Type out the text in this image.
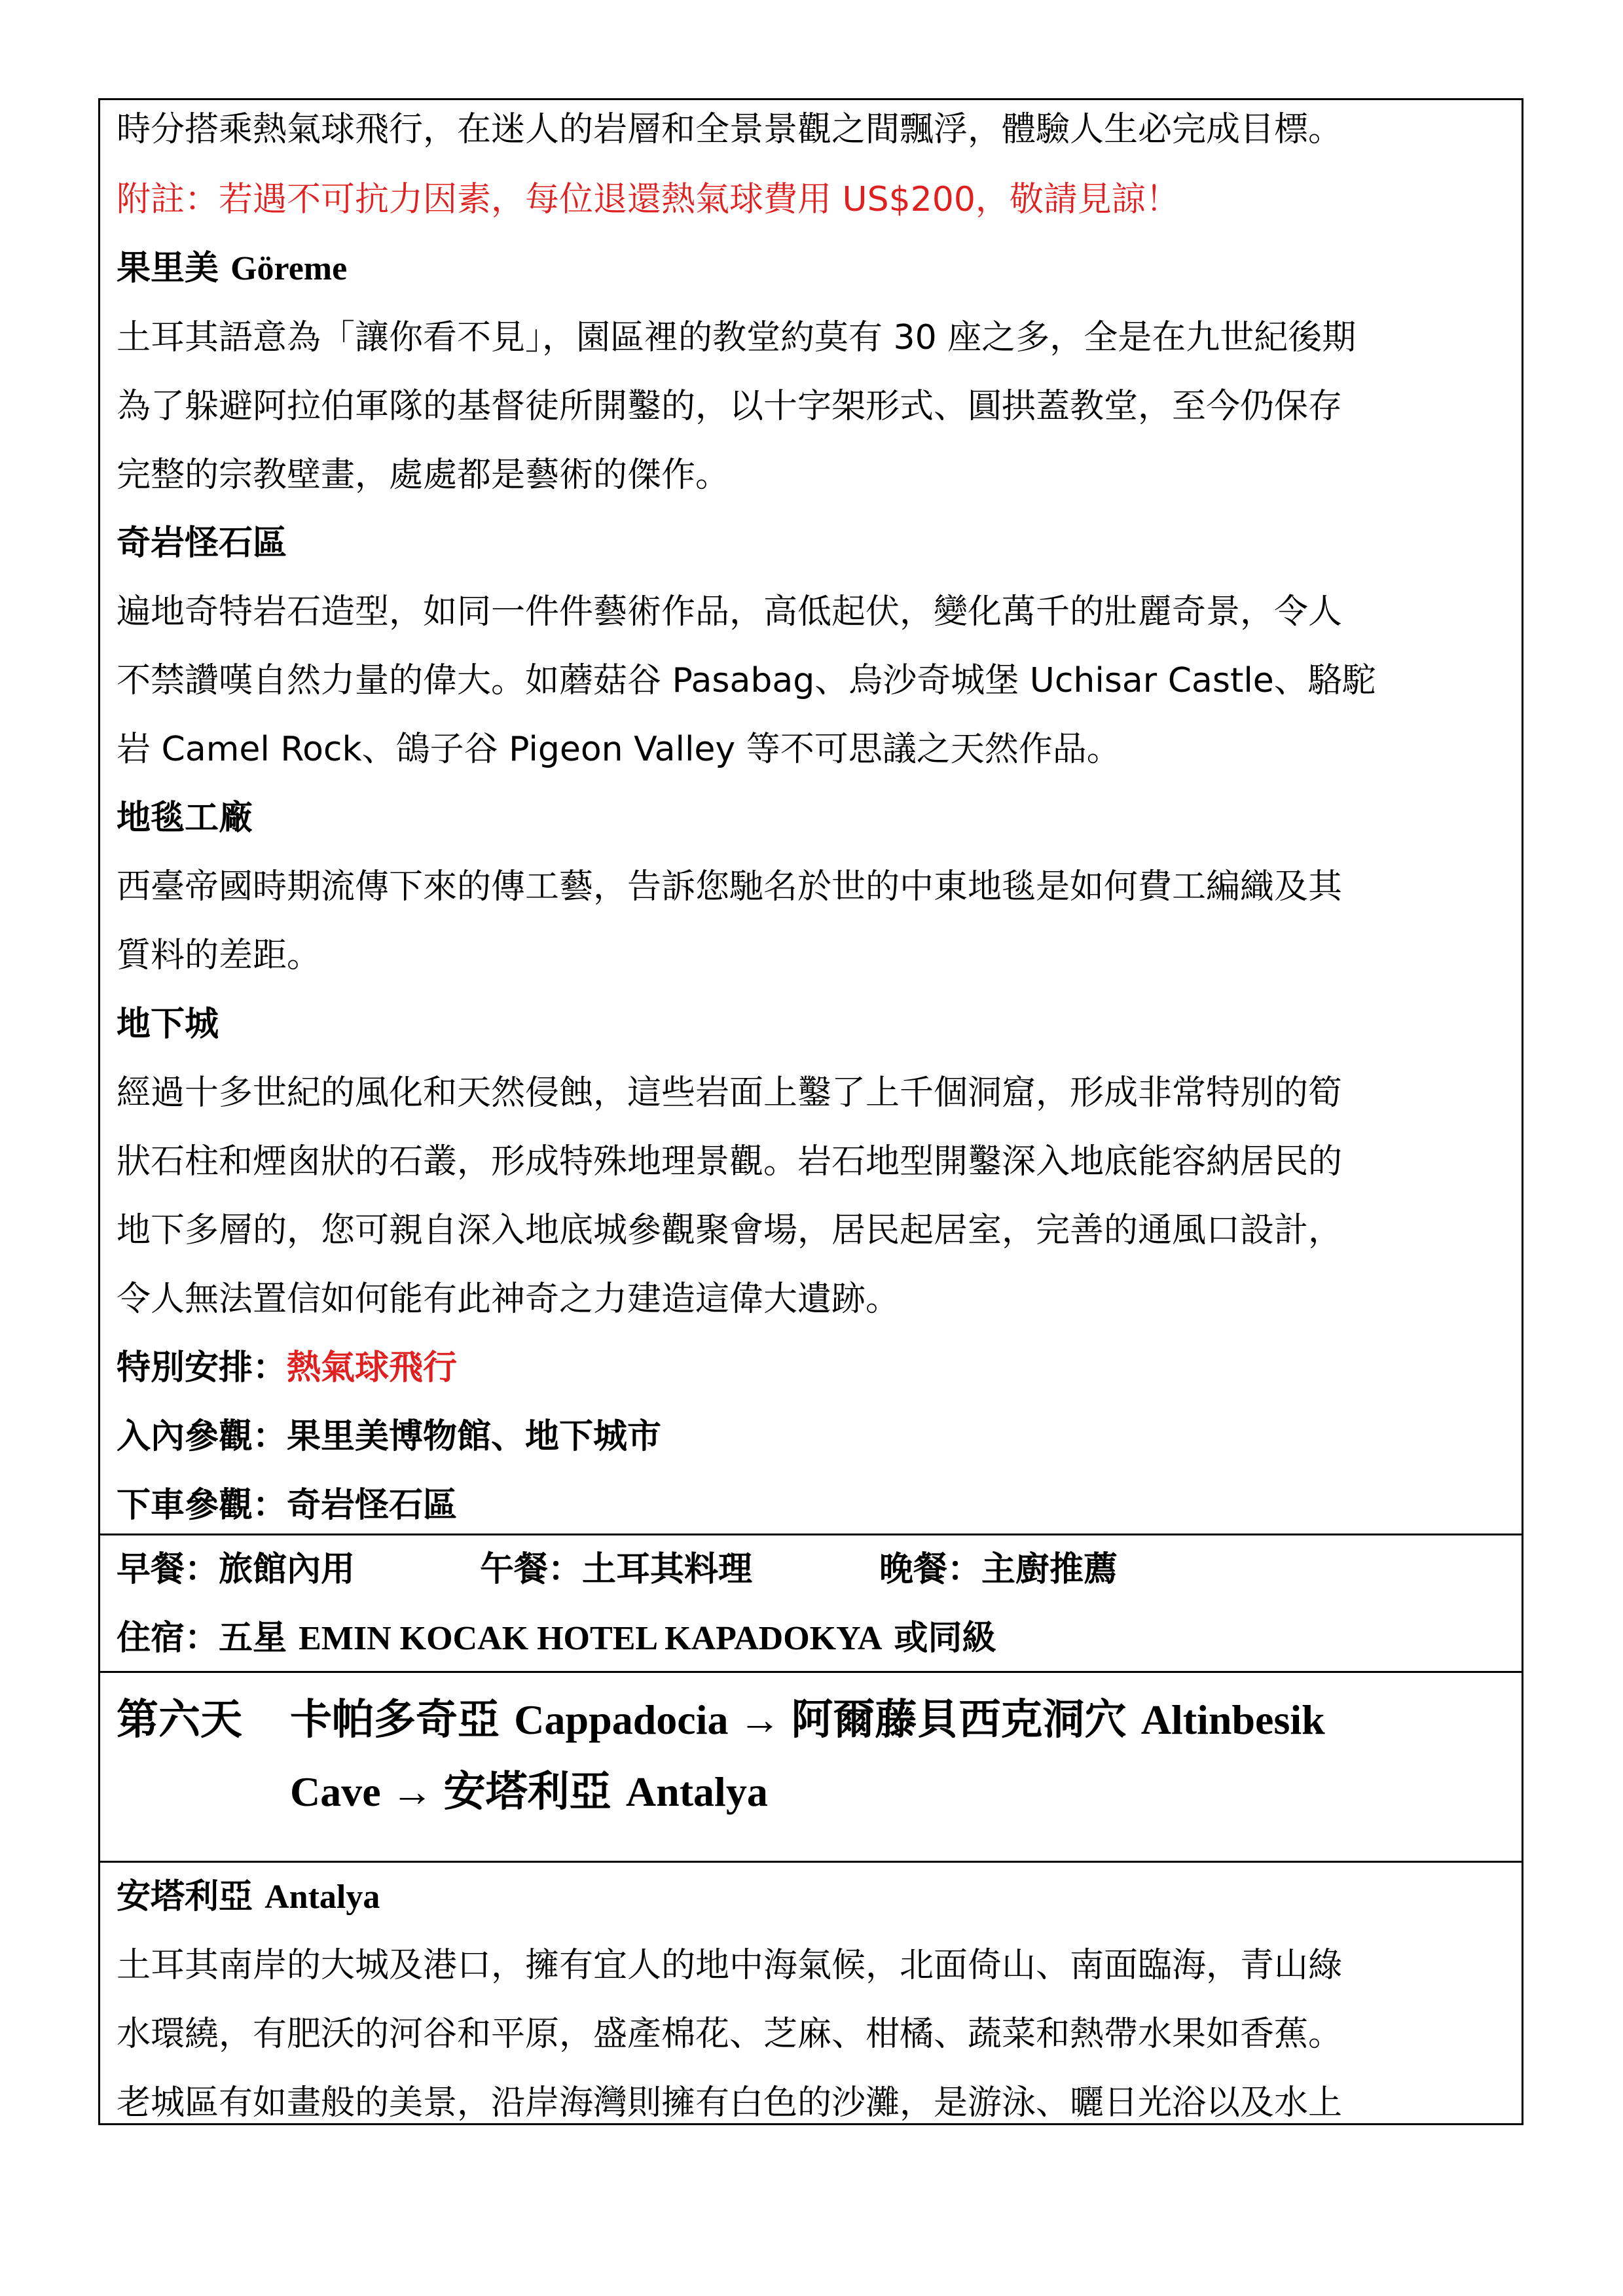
時分搭乘熱氣球飛行，在迷人的岩層和全景景觀之間飄浮，體驗人生必完成目標。

附註：若遇不可抗力因素，每位退還熱氣球費用 US$200，敬請見諒！

果里美 Göreme

土耳其語意為「讓你看不見」，園區裡的教堂約莫有 30 座之多，全是在九世紀後期

為了躲避阿拉伯軍隊的基督徒所開鑿的，以十字架形式、圓拱蓋教堂，至今仍保存

完整的宗教壁畫，處處都是藝術的傑作。

奇岩怪石區

遍地奇特岩石造型，如同一件件藝術作品，高低起伏，變化萬千的壯麗奇景，令人

不禁讚嘆自然力量的偉大。如蘑菇谷 Pasabag、烏沙奇城堡 Uchisar Castle、駱駝

岩 Camel Rock、鴿子谷 Pigeon Valley 等不可思議之天然作品。

地毯工廠

西臺帝國時期流傳下來的傳工藝，告訴您馳名於世的中東地毯是如何費工編織及其

質料的差距。

地下城

經過十多世紀的風化和天然侵蝕，這些岩面上鑿了上千個洞窟，形成非常特別的筍

狀石柱和煙囪狀的石叢，形成特殊地理景觀。岩石地型開鑿深入地底能容納居民的

地下多層的，您可親自深入地底城參觀聚會場，居民起居室，完善的通風口設計，

令人無法置信如何能有此神奇之力建造這偉大遺跡。

特別安排：熱氣球飛行

入內參觀：果里美博物館、地下城市

下車參觀：奇岩怪石區

早餐：旅館內用	午餐：土耳其料理	晚餐：主廚推薦

住宿：五星 EMIN KOCAK HOTEL KAPADOKYA 或同級

第六天 卡帕多奇亞 Cappadocia → 阿爾藤貝西克洞穴 Altinbesik
Cave → 安塔利亞 Antalya

安塔利亞 Antalya

土耳其南岸的大城及港口，擁有宜人的地中海氣候，北面倚山、南面臨海，青山綠

水環繞，有肥沃的河谷和平原，盛產棉花、芝麻、柑橘、蔬菜和熱帶水果如香蕉。

老城區有如畫般的美景，沿岸海灣則擁有白色的沙灘，是游泳、曬日光浴以及水上
